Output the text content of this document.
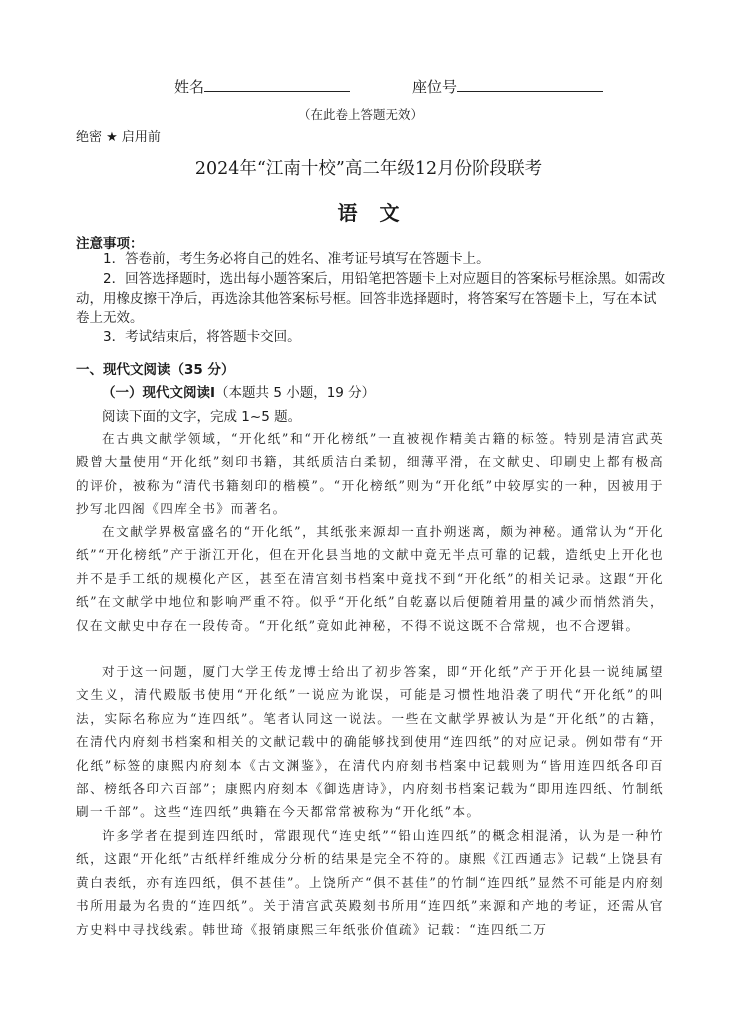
姓名	座位号
（在此卷上答题无效）
绝密 ★ 启用前
2024年“江南十校”高二年级12月份阶段联考
语文
注意事项：
1．答卷前，考生务必将自己的姓名、准考证号填写在答题卡上。
2．回答选择题时，选出每小题答案后，用铅笔把答题卡上对应题目的答案标号框涂黑。如需改动，用橡皮擦干净后，再选涂其他答案标号框。回答非选择题时，将答案写在答题卡上，写在本试卷上无效。
3．考试结束后，将答题卡交回。
一、现代文阅读（35 分）
（一）现代文阅读Ⅰ（本题共 5 小题，19 分）
阅读下面的文字，完成 1~5 题。
在古典文献学领域，“开化纸”和“开化榜纸”一直被视作精美古籍的标签。特别是清宫武英殿曾大量使用“开化纸”刻印书籍，其纸质洁白柔韧，细薄平滑，在文献史、印刷史上都有极高的评价，被称为“清代书籍刻印的楷模”。“开化榜纸”则为“开化纸”中较厚实的一种，因被用于抄写北四阁《四库全书》而著名。
在文献学界极富盛名的“开化纸”，其纸张来源却一直扑朔迷离，颇为神秘。通常认为“开化纸”“开化榜纸”产于浙江开化，但在开化县当地的文献中竟无半点可靠的记载，造纸史上开化也并不是手工纸的规模化产区，甚至在清宫刻书档案中竟找不到“开化纸”的相关记录。这跟“开化纸”在文献学中地位和影响严重不符。似乎“开化纸”自乾嘉以后便随着用量的减少而悄然消失，仅在文献史中存在一段传奇。“开化纸”竟如此神秘，不得不说这既不合常规，也不合逻辑。
对于这一问题，厦门大学王传龙博士给出了初步答案，即“开化纸”产于开化县一说纯属望文生义，清代殿版书使用“开化纸”一说应为讹误，可能是习惯性地沿袭了明代“开化纸”的叫法，实际名称应为“连四纸”。笔者认同这一说法。一些在文献学界被认为是“开化纸”的古籍，在清代内府刻书档案和相关的文献记载中的确能够找到使用“连四纸”的对应记录。例如带有“开化纸”标签的康熙内府刻本《古文渊鉴》，在清代内府刻书档案中记载则为“皆用连四纸各印百部、榜纸各印六百部”；康熙内府刻本《御选唐诗》，内府刻书档案记载为“即用连四纸、竹制纸刷一千部”。这些“连四纸”典籍在今天都常常被称为“开化纸”本。
许多学者在提到连四纸时，常跟现代“连史纸”“铅山连四纸”的概念相混淆，认为是一种竹纸，这跟“开化纸”古纸样纤维成分分析的结果是完全不符的。康熙《江西通志》记载“上饶县有黄白表纸，亦有连四纸，俱不甚佳”。上饶所产“俱不甚佳”的竹制“连四纸”显然不可能是内府刻书所用最为名贵的“连四纸”。关于清宫武英殿刻书所用“连四纸”来源和产地的考证，还需从官方史料中寻找线索。韩世琦《报销康熙三年纸张价值疏》记载：“连四纸二万
